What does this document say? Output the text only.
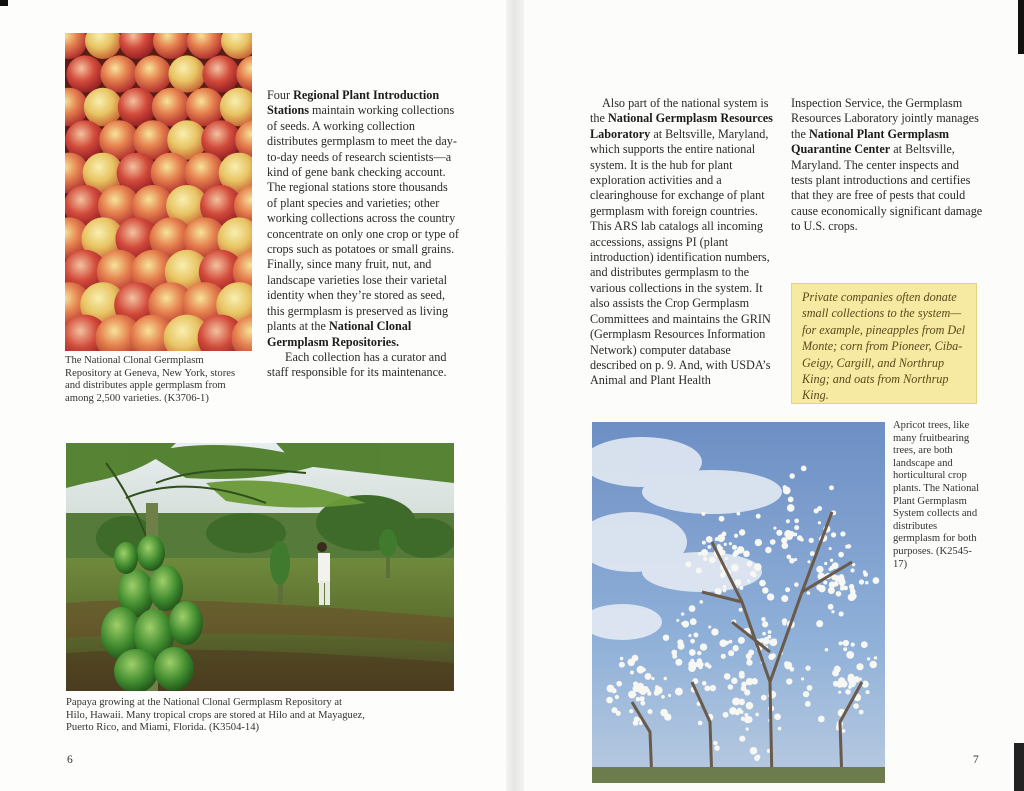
The National Clonal Germplasm Repository at Geneva, New York, stores and distributes apple germplasm from among 2,500 varieties. (K3706-1)
Four Regional Plant Introduction Stations maintain working collections of seeds. A working collection distributes germplasm to meet the day-to-day needs of research scientists—a kind of gene bank checking account. The regional stations store thousands of plant species and varieties; other working collections across the country concentrate on only one crop or type of crops such as potatoes or small grains. Finally, since many fruit, nut, and landscape varieties lose their varietal identity when they’re stored as seed, this germplasm is preserved as living plants at the National Clonal Germplasm Repositories.
Each collection has a curator and staff responsible for its maintenance.
Papaya growing at the National Clonal Germplasm Repository at Hilo, Hawaii. Many tropical crops are stored at Hilo and at Mayaguez, Puerto Rico, and Miami, Florida. (K3504-14)
6
Also part of the national system is the National Germplasm Resources Laboratory at Beltsville, Maryland, which supports the entire national system. It is the hub for plant exploration activities and a clearinghouse for exchange of plant germplasm with foreign countries. This ARS lab catalogs all incoming accessions, assigns PI (plant introduction) identification numbers, and distributes germplasm to the various collections in the system. It also assists the Crop Germplasm Committees and maintains the GRIN (Germplasm Resources Information Network) computer database described on p. 9. And, with USDA’s Animal and Plant Health
Inspection Service, the Germplasm Resources Laboratory jointly manages the National Plant Germplasm Quarantine Center at Beltsville, Maryland. The center inspects and tests plant introductions and certifies that they are free of pests that could cause economically significant damage to U.S. crops.
Private companies often donate small collections to the system—for example, pineapples from Del Monte; corn from Pioneer, Ciba-Geigy, Cargill, and Northrup King; and oats from Northrup King.
Apricot trees, like many fruitbearing trees, are both landscape and horticultural crop plants. The National Plant Germplasm System collects and distributes germplasm for both purposes. (K2545-17)
7
